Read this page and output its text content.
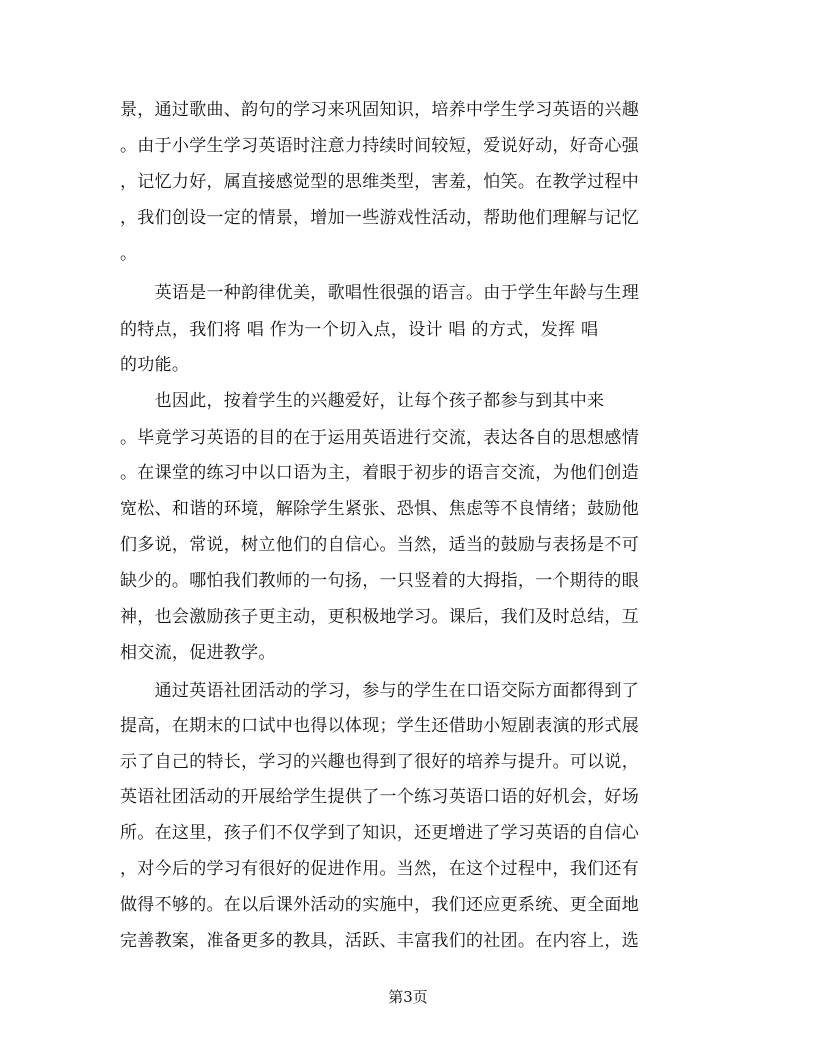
景，通过歌曲、韵句的学习来巩固知识，培养中学生学习英语的兴趣
。由于小学生学习英语时注意力持续时间较短，爱说好动，好奇心强
，记忆力好，属直接感觉型的思维类型，害羞，怕笑。在教学过程中
，我们创设一定的情景，增加一些游戏性活动，帮助他们理解与记忆
。
　　英语是一种韵律优美，歌唱性很强的语言。由于学生年龄与生理
的特点，我们将 唱 作为一个切入点，设计 唱 的方式，发挥 唱
的功能。
　　也因此，按着学生的兴趣爱好，让每个孩子都参与到其中来
。毕竟学习英语的目的在于运用英语进行交流，表达各自的思想感情
。在课堂的练习中以口语为主，着眼于初步的语言交流，为他们创造
宽松、和谐的环境，解除学生紧张、恐惧、焦虑等不良情绪；鼓励他
们多说，常说，树立他们的自信心。当然，适当的鼓励与表扬是不可
缺少的。哪怕我们教师的一句扬，一只竖着的大拇指，一个期待的眼
神，也会激励孩子更主动，更积极地学习。课后，我们及时总结，互
相交流，促进教学。
　　通过英语社团活动的学习，参与的学生在口语交际方面都得到了
提高，在期末的口试中也得以体现；学生还借助小短剧表演的形式展
示了自己的特长，学习的兴趣也得到了很好的培养与提升。可以说，
英语社团活动的开展给学生提供了一个练习英语口语的好机会，好场
所。在这里，孩子们不仅学到了知识，还更增进了学习英语的自信心
，对今后的学习有很好的促进作用。当然，在这个过程中，我们还有
做得不够的。在以后课外活动的实施中，我们还应更系统、更全面地
完善教案，准备更多的教具，活跃、丰富我们的社团。在内容上，选
第3页
